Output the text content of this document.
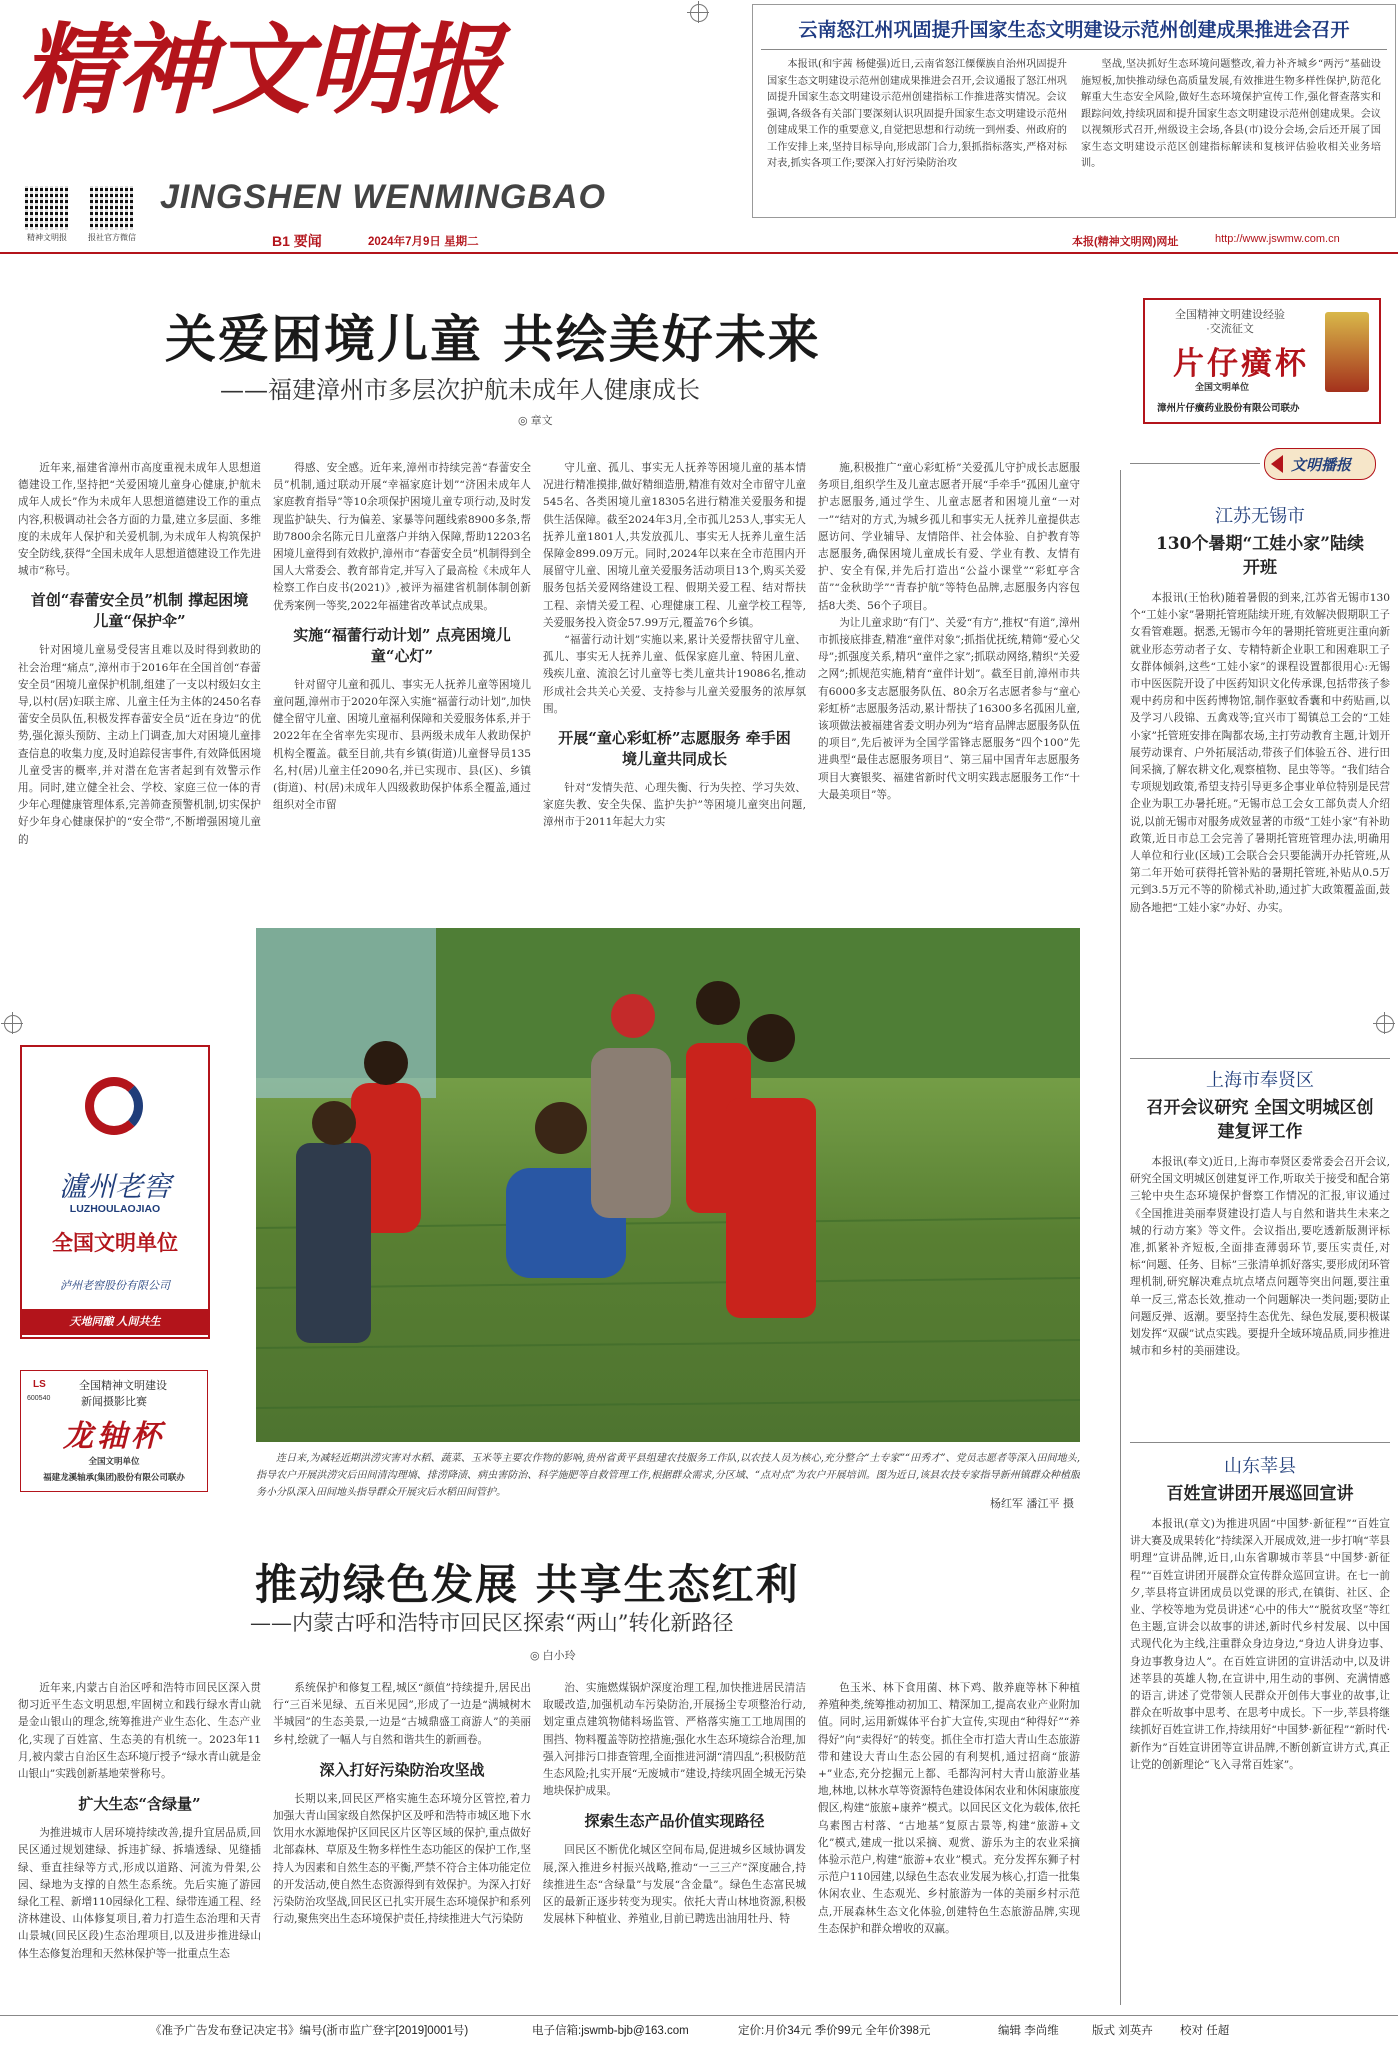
精神文明报
精神文明报	报社官方微信
JINGSHEN WENMINGBAO
云南怒江州巩固提升国家生态文明建设示范州创建成果推进会召开

本报讯(和宇茜 杨健强)近日,云南省怒江傈僳族自治州巩固提升国家生态文明建设示范州创建成果推进会召开,会议通报了怒江州巩固提升国家生态文明建设示范州创建指标工作推进落实情况。会议强调,各级各有关部门要深刻认识巩固提升国家生态文明建设示范州创建成果工作的重要意义,自觉把思想和行动统一到州委、州政府的工作安排上来,坚持目标导向,形成部门合力,狠抓指标落实,严格对标对表,抓实各项工作;要深入打好污染防治攻

坚战,坚决抓好生态环境问题整改,着力补齐城乡“两污”基础设施短板,加快推动绿色高质量发展,有效推进生物多样性保护,防范化解重大生态安全风险,做好生态环境保护宣传工作,强化督查落实和跟踪问效,持续巩固和提升国家生态文明建设示范州创建成果。会议以视频形式召开,州级设主会场,各县(市)设分会场,会后还开展了国家生态文明建设示范区创建指标解读和复核评估验收相关业务培训。

B1 要闻	2024年7月9日 星期二	本报(精神文明网)网址	http://www.jswmw.com.cn
关爱困境儿童 共绘美好未来
——福建漳州市多层次护航未成年人健康成长
◎ 章文

近年来,福建省漳州市高度重视未成年人思想道德建设工作,坚持把“关爱困境儿童身心健康,护航未成年人成长”作为未成年人思想道德建设工作的重点内容,积极调动社会各方面的力量,建立多层面、多维度的未成年人保护和关爱机制,为未成年人构筑保护安全防线,获得“全国未成年人思想道德建设工作先进城市”称号。

首创“春蕾安全员”机制 撑起困境儿童“保护伞”

针对困境儿童易受侵害且难以及时得到救助的社会治理“痛点”,漳州市于2016年在全国首创“春蕾安全员”困境儿童保护机制,组建了一支以村级妇女主导,以村(居)妇联主席、儿童主任为主体的2450名春蕾安全员队伍,积极发挥春蕾安全员“近在身边”的优势,强化源头预防、主动上门调查,加大对困境儿童排查信息的收集力度,及时追踪侵害事件,有效降低困境儿童受害的概率,并对潜在危害者起到有效警示作用。同时,建立健全社会、学校、家庭三位一体的青少年心理健康管理体系,完善筛查预警机制,切实保护好少年身心健康保护的“安全带”,不断增强困境儿童的

得感、安全感。近年来,漳州市持续完善“春蕾安全员”机制,通过联动开展“幸福家庭计划”“济困未成年人家庭教育指导”等10余项保护困境儿童专项行动,及时发现监护缺失、行为偏差、家暴等问题线索8900多条,帮助7800余名陈元日儿童落户并纳入保障,帮助12203名困境儿童得到有效救护,漳州市“春蕾安全员”机制得到全国人大常委会、教育部肯定,并写入了最高检《未成年人检察工作白皮书(2021)》,被评为福建省机制体制创新优秀案例一等奖,2022年福建省改革试点成果。

实施“福蕾行动计划” 点亮困境儿童“心灯”

针对留守儿童和孤儿、事实无人抚养儿童等困境儿童问题,漳州市于2020年深入实施“福蕾行动计划”,加快健全留守儿童、困境儿童福利保障和关爱服务体系,并于2022年在全省率先实现市、县两级未成年人救助保护机构全覆盖。截至目前,共有乡镇(街道)儿童督导员135名,村(居)儿童主任2090名,并已实现市、县(区)、乡镇(街道)、村(居)未成年人四级救助保护体系全覆盖,通过组织对全市留

守儿童、孤儿、事实无人抚养等困境儿童的基本情况进行精准摸排,做好精细造册,精准有效对全市留守儿童545名、各类困境儿童18305名进行精准关爱服务和提供生活保障。截至2024年3月,全市孤儿253人,事实无人抚养儿童1801人,共发放孤儿、事实无人抚养儿童生活保障金899.09万元。同时,2024年以来在全市范围内开展留守儿童、困境儿童关爱服务活动项目13个,购买关爱服务包括关爱网络建设工程、假期关爱工程、结对帮扶工程、亲情关爱工程、心理健康工程、儿童学校工程等,关爱服务投入资金57.99万元,覆盖76个乡镇。

“福蕾行动计划”实施以来,累计关爱帮扶留守儿童、孤儿、事实无人抚养儿童、低保家庭儿童、特困儿童、残疾儿童、流浪乞讨儿童等七类儿童共计19086名,推动形成社会共关心关爱、支持参与儿童关爱服务的浓厚氛围。

开展“童心彩虹桥”志愿服务 牵手困境儿童共同成长

针对“发情失范、心理失衡、行为失控、学习失效、家庭失教、安全失保、监护失护”等困境儿童突出问题,漳州市于2011年起大力实

施,积极推广“童心彩虹桥”关爱孤儿守护成长志愿服务项目,组织学生及儿童志愿者开展“手牵手”孤困儿童守护志愿服务,通过学生、儿童志愿者和困境儿童“一对一”“结对的方式,为城乡孤儿和事实无人抚养儿童提供志愿访问、学业辅导、友情陪伴、社会体验、自护教育等志愿服务,确保困境儿童成长有爱、学业有教、友情有护、安全有保,并先后打造出“公益小课堂”“彩虹亭含苗”“金秋助学”“青春护航”等特色品牌,志愿服务内容包括8大类、56个子项目。

为让儿童求助“有门”、关爱“有方”,推权“有道”,漳州市抓接底排查,精准“童伴对象”;抓指优抚统,精筛“爱心父母”;抓强度关系,精巩“童伴之家”;抓联动网络,精织“关爱之网”;抓规范实施,精育“童伴计划”。截至目前,漳州市共有6000多支志愿服务队伍、80余万名志愿者参与“童心彩虹桥”志愿服务活动,累计帮扶了16300多名孤困儿童,该项做法被福建省委文明办列为“培育品牌志愿服务队伍的项目”,先后被评为全国学雷锋志愿服务“四个100”先进典型“最佳志愿服务项目”、第三届中国青年志愿服务项目大赛银奖、福建省新时代文明实践志愿服务工作“十大最美项目”等。

全国精神文明建设经验·交流征文
片仔癀杯
全国文明单位
漳州片仔癀药业股份有限公司联办
文明播报
江苏无锡市
130个暑期“工娃小家”陆续开班

本报讯(王怡秋)随着暑假的到来,江苏省无锡市130个“工娃小家”暑期托管班陆续开班,有效解决假期职工子女看管难题。据悉,无锡市今年的暑期托管班更注重向新就业形态劳动者子女、专精特新企业职工和困难职工子女群体倾斜,这些“工娃小家”的课程设置都很用心:无锡市中医医院开设了中医药知识文化传承课,包括带孩子参观中药房和中医药博物馆,制作驱蚊香囊和中药贴画,以及学习八段锦、五禽戏等;宜兴市丁蜀镇总工会的“工娃小家”托管班安排在陶都农场,主打劳动教育主题,计划开展劳动课育、户外拓展活动,带孩子们体验五谷、进行田间采摘,了解农耕文化,观察植物、昆虫等等。“我们结合专项规划政策,希望支持引导更多企事业单位特别是民营企业为职工办暑托班。”无锡市总工会女工部负责人介绍说,以前无锡市对服务成效显著的市级“工娃小家”有补助政策,近日市总工会完善了暑期托管班管理办法,明确用人单位和行业(区域)工会联合会只要能满开办托管班,从第二年开始可获得托管补贴的暑期托管班,补贴从0.5万元到3.5万元不等的阶梯式补助,通过扩大政策覆盖面,鼓励各地把“工娃小家”办好、办实。

上海市奉贤区
召开会议研究 全国文明城区创建复评工作

本报讯(奉文)近日,上海市奉贤区委常委会召开会议,研究全国文明城区创建复评工作,听取关于接受和配合第三轮中央生态环境保护督察工作情况的汇报,审议通过《全国推进美丽奉贤建设打造人与自然和谐共生未来之城的行动方案》等文件。会议指出,要吃透新版测评标准,抓紧补齐短板,全面排查薄弱环节,要压实责任,对标“问题、任务、目标”三张清单抓好落实,要形成闭环管理机制,研究解决难点坑点堵点问题等突出问题,要注重单一反三,常态长效,推动一个问题解决一类问题;要防止问题反弹、返潮。要坚持生态优先、绿色发展,要积极谋划发挥“双碳”试点实践。要提升全域环境品质,同步推进城市和乡村的美丽建设。

山东莘县
百姓宣讲团开展巡回宣讲

本报讯(章文)为推进巩固“中国梦·新征程”“百姓宣讲大赛及成果转化”持续深入开展成效,进一步打响“莘县明理”宣讲品牌,近日,山东省聊城市莘县“中国梦·新征程”“百姓宣讲团开展群众宣传群众巡回宣讲。在七一前夕,莘县将宣讲团成员以党课的形式,在镇街、社区、企业、学校等地为党员讲述“心中的伟大”“脱贫攻坚”等红色主题,宣讲会以故事的讲述,新时代乡村发展、以中国式现代化为主线,注重群众身边身边,“身边人讲身边事、身边事教身边人”。在百姓宣讲团的宣讲活动中,以及讲述莘县的英雄人物,在宣讲中,用生动的事例、充满情感的语言,讲述了党带领人民群众开创伟大事业的故事,让群众在听故事中思考、在思考中成长。下一步,莘县将继续抓好百姓宣讲工作,持续用好“中国梦·新征程”“新时代·新作为”百姓宣讲团等宣讲品牌,不断创新宣讲方式,真正让党的创新理论“飞入寻常百姓家”。

瀘州老窖
LUZHOULAOJIAO
全国文明单位
泸州老窖股份有限公司
天地同酿 人间共生
LS
600540
全国精神文明建设
新闻摄影比赛
龙轴杯
全国文明单位
福建龙溪轴承(集团)股份有限公司联办

连日来,为减轻近期洪涝灾害对水稻、蔬菜、玉米等主要农作物的影响,贵州省黄平县组建农技服务工作队,以农技人员为核心,充分整合“土专家”“田秀才”、党员志愿者等深入田间地头,指导农户开展洪涝灾后田间清沟理墒、排涝降渍、病虫害防治、科学施肥等自救管理工作,根据群众需求,分区域、“点对点”为农户开展培训。图为近日,该县农技专家指导新州镇群众种植服务小分队深入田间地头指导群众开展灾后水稻田间管护。

杨红军 潘江平 摄
推动绿色发展 共享生态红利
——内蒙古呼和浩特市回民区探索“两山”转化新路径
◎ 白小玲

近年来,内蒙古自治区呼和浩特市回民区深入贯彻习近平生态文明思想,牢固树立和践行绿水青山就是金山银山的理念,统筹推进产业生态化、生态产业化,实现了百姓富、生态美的有机统一。2023年11月,被内蒙古自治区生态环境厅授予“绿水青山就是金山银山”实践创新基地荣誉称号。

扩大生态“含绿量”

为推进城市人居环境持续改善,提升宜居品质,回民区通过规划建绿、拆违扩绿、拆墙透绿、见缝插绿、垂直挂绿等方式,形成以道路、河流为骨架,公园、绿地为支撑的自然生态系统。先后实施了游园绿化工程、新增110园绿化工程、绿带连通工程、经济林建设、山体修复项目,着力打造生态治理和天青山景城(回民区段)生态治理项目,以及进步推进绿山体生态修复治理和天然林保护等一批重点生态

系统保护和修复工程,城区“颜值”持续提升,居民出行“三百米见绿、五百米见园”,形成了一边是“满城树木半城园”的生态美景,一边是“古城鼎盛工商游人”的美丽乡村,绘就了一幅人与自然和谐共生的新画卷。

深入打好污染防治攻坚战

长期以来,回民区严格实施生态环境分区管控,着力加强大青山国家级自然保护区及呼和浩特市城区地下水饮用水水源地保护区回民区片区等区域的保护,重点做好北部森林、草原及生物多样性生态功能区的保护工作,坚持人为因素和自然生态的平衡,严禁不符合主体功能定位的开发活动,使自然生态资源得到有效保护。为深入打好污染防治攻坚战,回民区已扎实开展生态环境保护和系列行动,聚焦突出生态环境保护责任,持续推进大气污染防

治、实施燃煤锅炉深度治理工程,加快推进居民清洁取暖改造,加强机动车污染防治,开展扬尘专项整治行动,划定重点建筑物储料场监管、严格落实施工工地周围的围挡、物料覆盖等防控措施;强化水生态环境综合治理,加强入河排污口排查管理,全面推进河湖“清四乱”;积极防范生态风险;扎实开展“无废城市”建设,持续巩固全城无污染地块保护成果。

探索生态产品价值实现路径

回民区不断优化城区空间布局,促进城乡区域协调发展,深入推进乡村振兴战略,推动“一三三产”深度融合,持续推进生态“含绿量”与发展“含金量”。绿色生态富民城区的最新正逐步转变为现实。依托大青山林地资源,积极发展林下种植业、养殖业,目前已聘选出油用牡丹、特

色玉米、林下食用菌、林下鸡、散养鹿等林下种植养殖种类,统筹推动初加工、精深加工,提高农业产业附加值。同时,运用新媒体平台扩大宣传,实现由“种得好”“养得好”向“卖得好”的转变。抓住全市打造大青山生态旅游带和建设大青山生态公园的有利契机,通过招商“旅游+”业态,充分挖掘元上都、毛都沟河村大青山旅游业基地,林地,以林水草等资源特色建设体闲农业和休闲康旅度假区,构建“旅旅+康养”模式。以回民区文化为载体,依托乌素图古村落、“古地基”复原古景等,构建“旅游+文化”模式,建成一批以采摘、观赏、游乐为主的农业采摘体验示范户,构建“旅游+农业”模式。充分发挥东狮子村示范户110园建,以绿色生态农业发展为核心,打造一批集休闲农业、生态观光、乡村旅游为一体的美丽乡村示范点,开展森林生态文化体验,创建特色生态旅游品牌,实现生态保护和群众增收的双赢。

《准予广告发布登记决定书》编号(浙市监广登字[2019]0001号)	电子信箱:jswmb-bjb@163.com	定价:月价34元 季价99元 全年价398元	编辑 李尚维	版式 刘英卉 校对 任超
